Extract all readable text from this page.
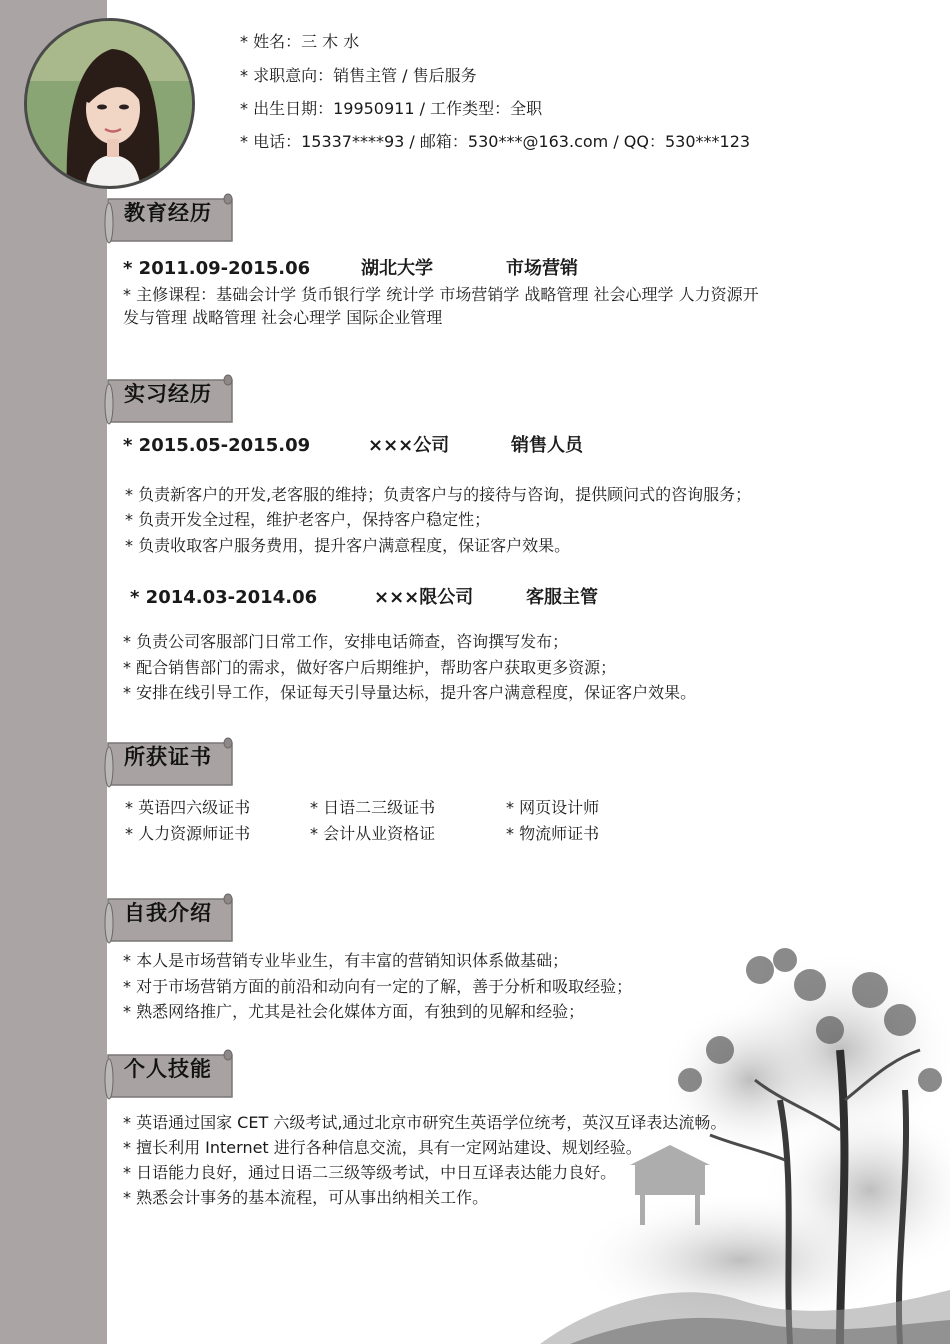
* 姓名：三 木 水
* 求职意向：销售主管 / 售后服务
* 出生日期：19950911 / 工作类型：全职
* 电话：15337****93 / 邮箱：530***@163.com / QQ：530***123
教育经历
* 2011.09-2015.06	湖北大学	市场营销
* 主修课程：基础会计学 货币银行学 统计学 市场营销学 战略管理 社会心理学 人力资源开
发与管理 战略管理 社会心理学 国际企业管理
实习经历
* 2015.05-2015.09	×××公司	销售人员
* 负责新客户的开发,老客服的维持；负责客户与的接待与咨询，提供顾问式的咨询服务；
* 负责开发全过程，维护老客户，保持客户稳定性；
* 负责收取客户服务费用，提升客户满意程度，保证客户效果。
* 2014.03-2014.06	×××限公司	客服主管
* 负责公司客服部门日常工作，安排电话筛查，咨询撰写发布；
* 配合销售部门的需求，做好客户后期维护，帮助客户获取更多资源；
* 安排在线引导工作，保证每天引导量达标，提升客户满意程度，保证客户效果。
所获证书
* 英语四六级证书	* 日语二三级证书	* 网页设计师
* 人力资源师证书	* 会计从业资格证	* 物流师证书
自我介绍
* 本人是市场营销专业毕业生，有丰富的营销知识体系做基础；
* 对于市场营销方面的前沿和动向有一定的了解，善于分析和吸取经验；
* 熟悉网络推广，尤其是社会化媒体方面，有独到的见解和经验；
个人技能
* 英语通过国家 CET 六级考试,通过北京市研究生英语学位统考，英汉互译表达流畅。
* 擅长利用 Internet 进行各种信息交流，具有一定网站建设、规划经验。
* 日语能力良好，通过日语二三级等级考试，中日互译表达能力良好。
* 熟悉会计事务的基本流程，可从事出纳相关工作。
